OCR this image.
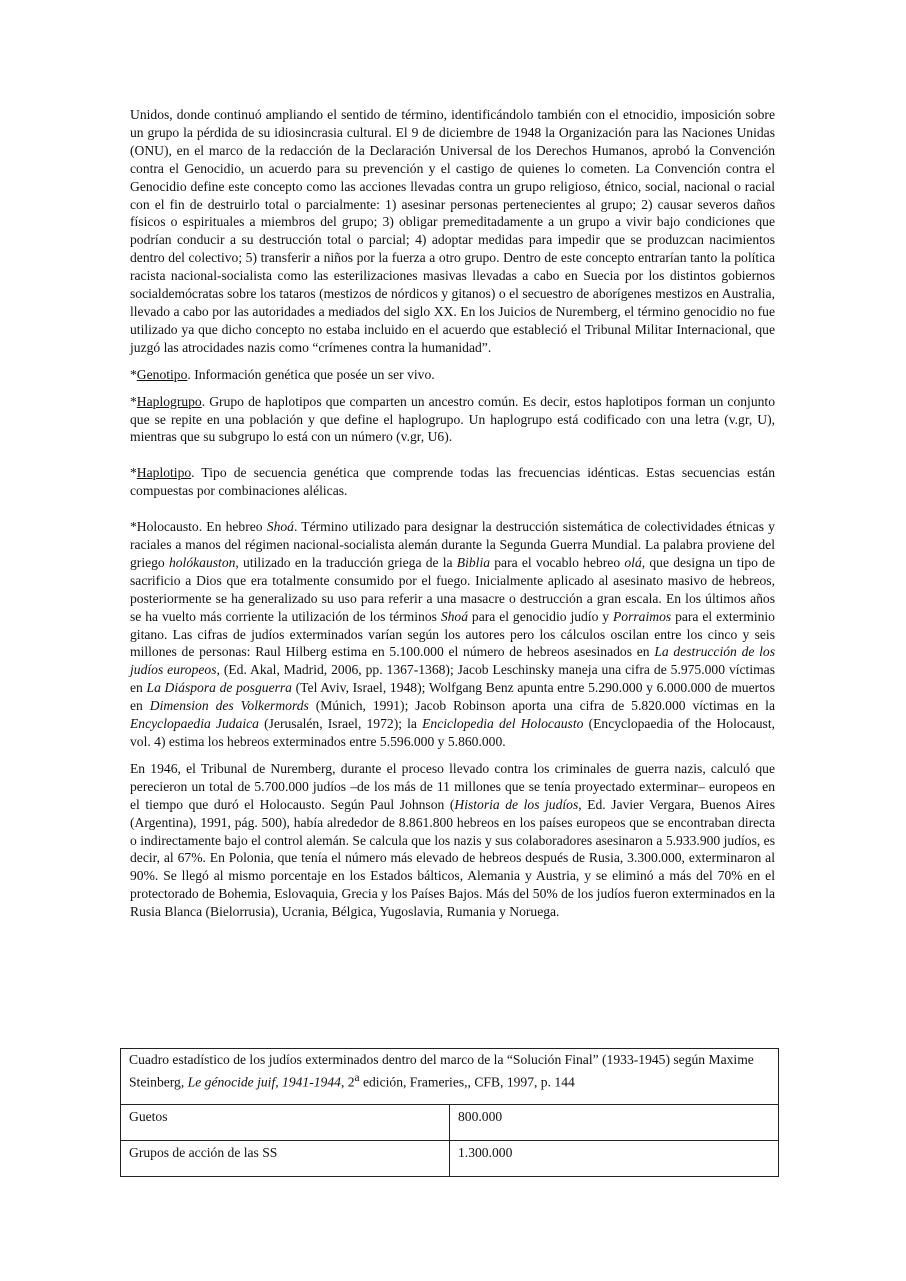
Unidos, donde continuó ampliando el sentido de término, identificándolo también con el etnocidio, imposición sobre un grupo la pérdida de su idiosincrasia cultural. El 9 de diciembre de 1948 la Organización para las Naciones Unidas (ONU), en el marco de la redacción de la Declaración Universal de los Derechos Humanos, aprobó la Convención contra el Genocidio, un acuerdo para su prevención y el castigo de quienes lo cometen. La Convención contra el Genocidio define este concepto como las acciones llevadas contra un grupo religioso, étnico, social, nacional o racial con el fin de destruirlo total o parcialmente: 1) asesinar personas pertenecientes al grupo; 2) causar severos daños físicos o espirituales a miembros del grupo; 3) obligar premeditadamente a un grupo a vivir bajo condiciones que podrían conducir a su destrucción total o parcial; 4) adoptar medidas para impedir que se produzcan nacimientos dentro del colectivo; 5) transferir a niños por la fuerza a otro grupo. Dentro de este concepto entrarían tanto la política racista nacional-socialista como las esterilizaciones masivas llevadas a cabo en Suecia por los distintos gobiernos socialdemócratas sobre los tataros (mestizos de nórdicos y gitanos) o el secuestro de aborígenes mestizos en Australia, llevado a cabo por las autoridades a mediados del siglo XX. En los Juicios de Nuremberg, el término genocidio no fue utilizado ya que dicho concepto no estaba incluido en el acuerdo que estableció el Tribunal Militar Internacional, que juzgó las atrocidades nazis como “crímenes contra la humanidad”.

*Genotipo. Información genética que posée un ser vivo.

*Haplogrupo. Grupo de haplotipos que comparten un ancestro común. Es decir, estos haplotipos forman un conjunto que se repite en una población y que define el haplogrupo. Un haplogrupo está codificado con una letra (v.gr, U), mientras que su subgrupo lo está con un número (v.gr, U6).

*Haplotipo. Tipo de secuencia genética que comprende todas las frecuencias idénticas. Estas secuencias están compuestas por combinaciones alélicas.

*Holocausto. En hebreo Shoá. Término utilizado para designar la destrucción sistemática de colectividades étnicas y raciales a manos del régimen nacional-socialista alemán durante la Segunda Guerra Mundial. La palabra proviene del griego holókauston, utilizado en la traducción griega de la Biblia para el vocablo hebreo olá, que designa un tipo de sacrificio a Dios que era totalmente consumido por el fuego. Inicialmente aplicado al asesinato masivo de hebreos, posteriormente se ha generalizado su uso para referir a una masacre o destrucción a gran escala. En los últimos años se ha vuelto más corriente la utilización de los términos Shoá para el genocidio judío y Porraimos para el exterminio gitano. Las cifras de judíos exterminados varían según los autores pero los cálculos oscilan entre los cinco y seis millones de personas: Raul Hilberg estima en 5.100.000 el número de hebreos asesinados en La destrucción de los judíos europeos, (Ed. Akal, Madrid, 2006, pp. 1367-1368); Jacob Leschinsky maneja una cifra de 5.975.000 víctimas en La Diáspora de posguerra (Tel Aviv, Israel, 1948); Wolfgang Benz apunta entre 5.290.000 y 6.000.000 de muertos en Dimension des Volkermords (Múnich, 1991); Jacob Robinson aporta una cifra de 5.820.000 víctimas en la Encyclopaedia Judaica (Jerusalén, Israel, 1972); la Enciclopedia del Holocausto (Encyclopaedia of the Holocaust, vol. 4) estima los hebreos exterminados entre 5.596.000 y 5.860.000.

En 1946, el Tribunal de Nuremberg, durante el proceso llevado contra los criminales de guerra nazis, calculó que perecieron un total de 5.700.000 judíos –de los más de 11 millones que se tenía proyectado exterminar– europeos en el tiempo que duró el Holocausto. Según Paul Johnson (Historia de los judíos, Ed. Javier Vergara, Buenos Aires (Argentina), 1991, pág. 500), había alrededor de 8.861.800 hebreos en los países europeos que se encontraban directa o indirectamente bajo el control alemán. Se calcula que los nazis y sus colaboradores asesinaron a 5.933.900 judíos, es decir, al 67%. En Polonia, que tenía el número más elevado de hebreos después de Rusia, 3.300.000, exterminaron al 90%. Se llegó al mismo porcentaje en los Estados bálticos, Alemania y Austria, y se eliminó a más del 70% en el protectorado de Bohemia, Eslovaquia, Grecia y los Países Bajos. Más del 50% de los judíos fueron exterminados en la Rusia Blanca (Bielorrusia), Ucrania, Bélgica, Yugoslavia, Rumania y Noruega.

Cuadro estadístico de los judíos exterminados dentro del marco de la “Solución Final” (1933-1945) según Maxime Steinberg, Le génocide juif, 1941-1944, 2$^a$ edición, Frameries,, CFB, 1997, p. 144	
Guetos	800.000
Grupos de acción de las SS	1.300.000
